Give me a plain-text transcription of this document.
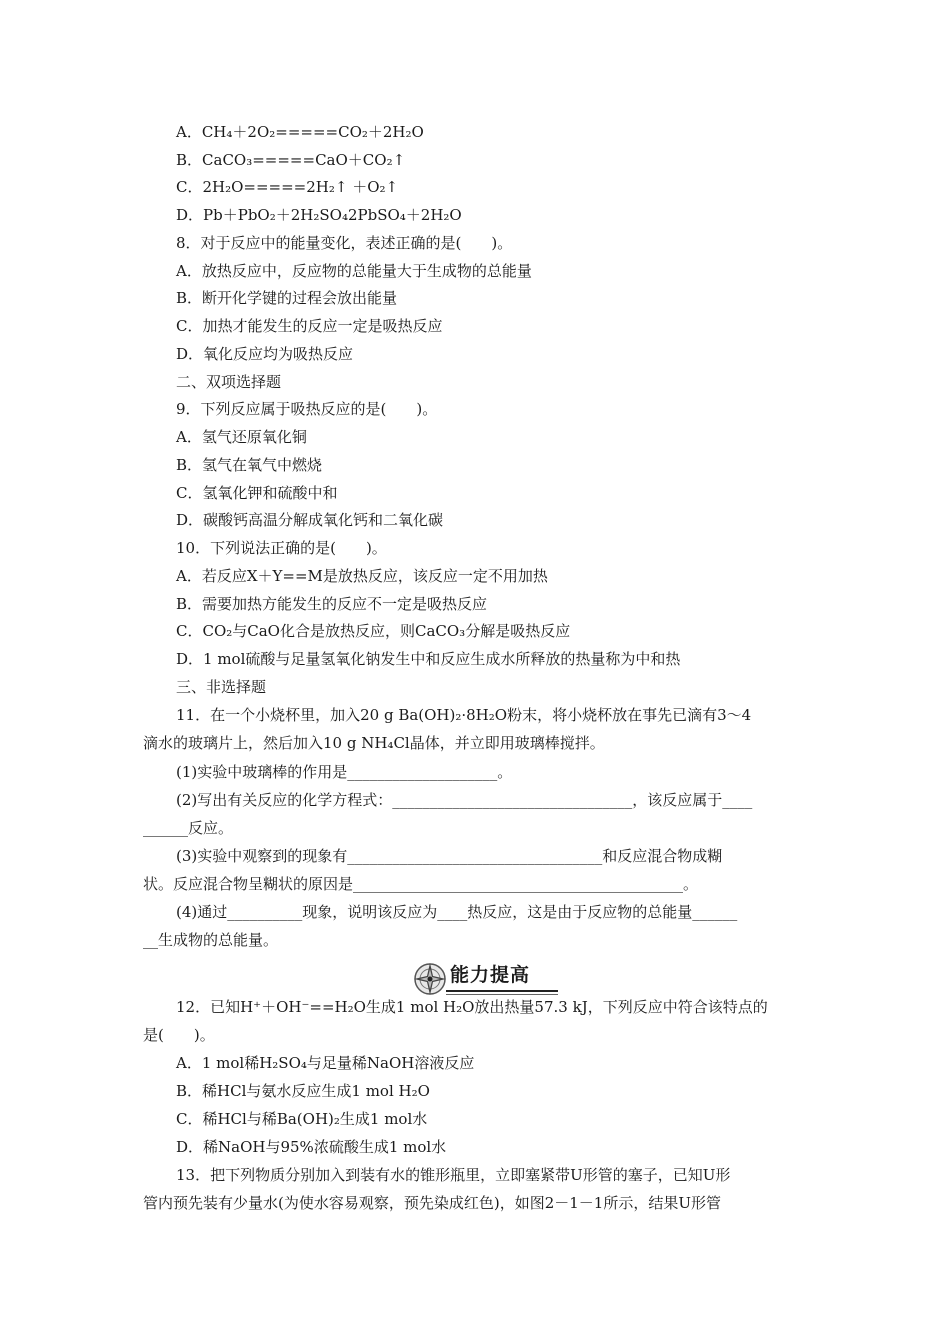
A．CH₄＋2O₂=====CO₂＋2H₂O
B．CaCO₃=====CaO＋CO₂↑
C．2H₂O=====2H₂↑ ＋O₂↑
D．Pb＋PbO₂＋2H₂SO₄2PbSO₄＋2H₂O
8．对于反应中的能量变化，表述正确的是(　　)。
A．放热反应中，反应物的总能量大于生成物的总能量
B．断开化学键的过程会放出能量
C．加热才能发生的反应一定是吸热反应
D．氧化反应均为吸热反应
二、双项选择题
9．下列反应属于吸热反应的是(　　)。
A．氢气还原氧化铜
B．氢气在氧气中燃烧
C．氢氧化钾和硫酸中和
D．碳酸钙高温分解成氧化钙和二氧化碳
10．下列说法正确的是(　　)。
A．若反应X＋Y==M是放热反应，该反应一定不用加热
B．需要加热方能发生的反应不一定是吸热反应
C．CO₂与CaO化合是放热反应，则CaCO₃分解是吸热反应
D．1 mol硫酸与足量氢氧化钠发生中和反应生成水所释放的热量称为中和热
三、非选择题
11．在一个小烧杯里，加入20 g Ba(OH)₂·8H₂O粉末，将小烧杯放在事先已滴有3～4
滴水的玻璃片上，然后加入10 g NH₄Cl晶体，并立即用玻璃棒搅拌。
(1)实验中玻璃棒的作用是____________________。
(2)写出有关反应的化学方程式：________________________________，该反应属于____
______反应。
(3)实验中观察到的现象有__________________________________和反应混合物成糊
状。反应混合物呈糊状的原因是____________________________________________。
(4)通过__________现象，说明该反应为____热反应，这是由于反应物的总能量______
__生成物的总能量。
能力提高
12．已知H⁺＋OH⁻==H₂O生成1 mol H₂O放出热量57.3 kJ，下列反应中符合该特点的
是(　　)。
A．1 mol稀H₂SO₄与足量稀NaOH溶液反应
B．稀HCl与氨水反应生成1 mol H₂O
C．稀HCl与稀Ba(OH)₂生成1 mol水
D．稀NaOH与95%浓硫酸生成1 mol水
13．把下列物质分别加入到装有水的锥形瓶里，立即塞紧带U形管的塞子，已知U形
管内预先装有少量水(为使水容易观察，预先染成红色)，如图2－1－1所示，结果U形管
